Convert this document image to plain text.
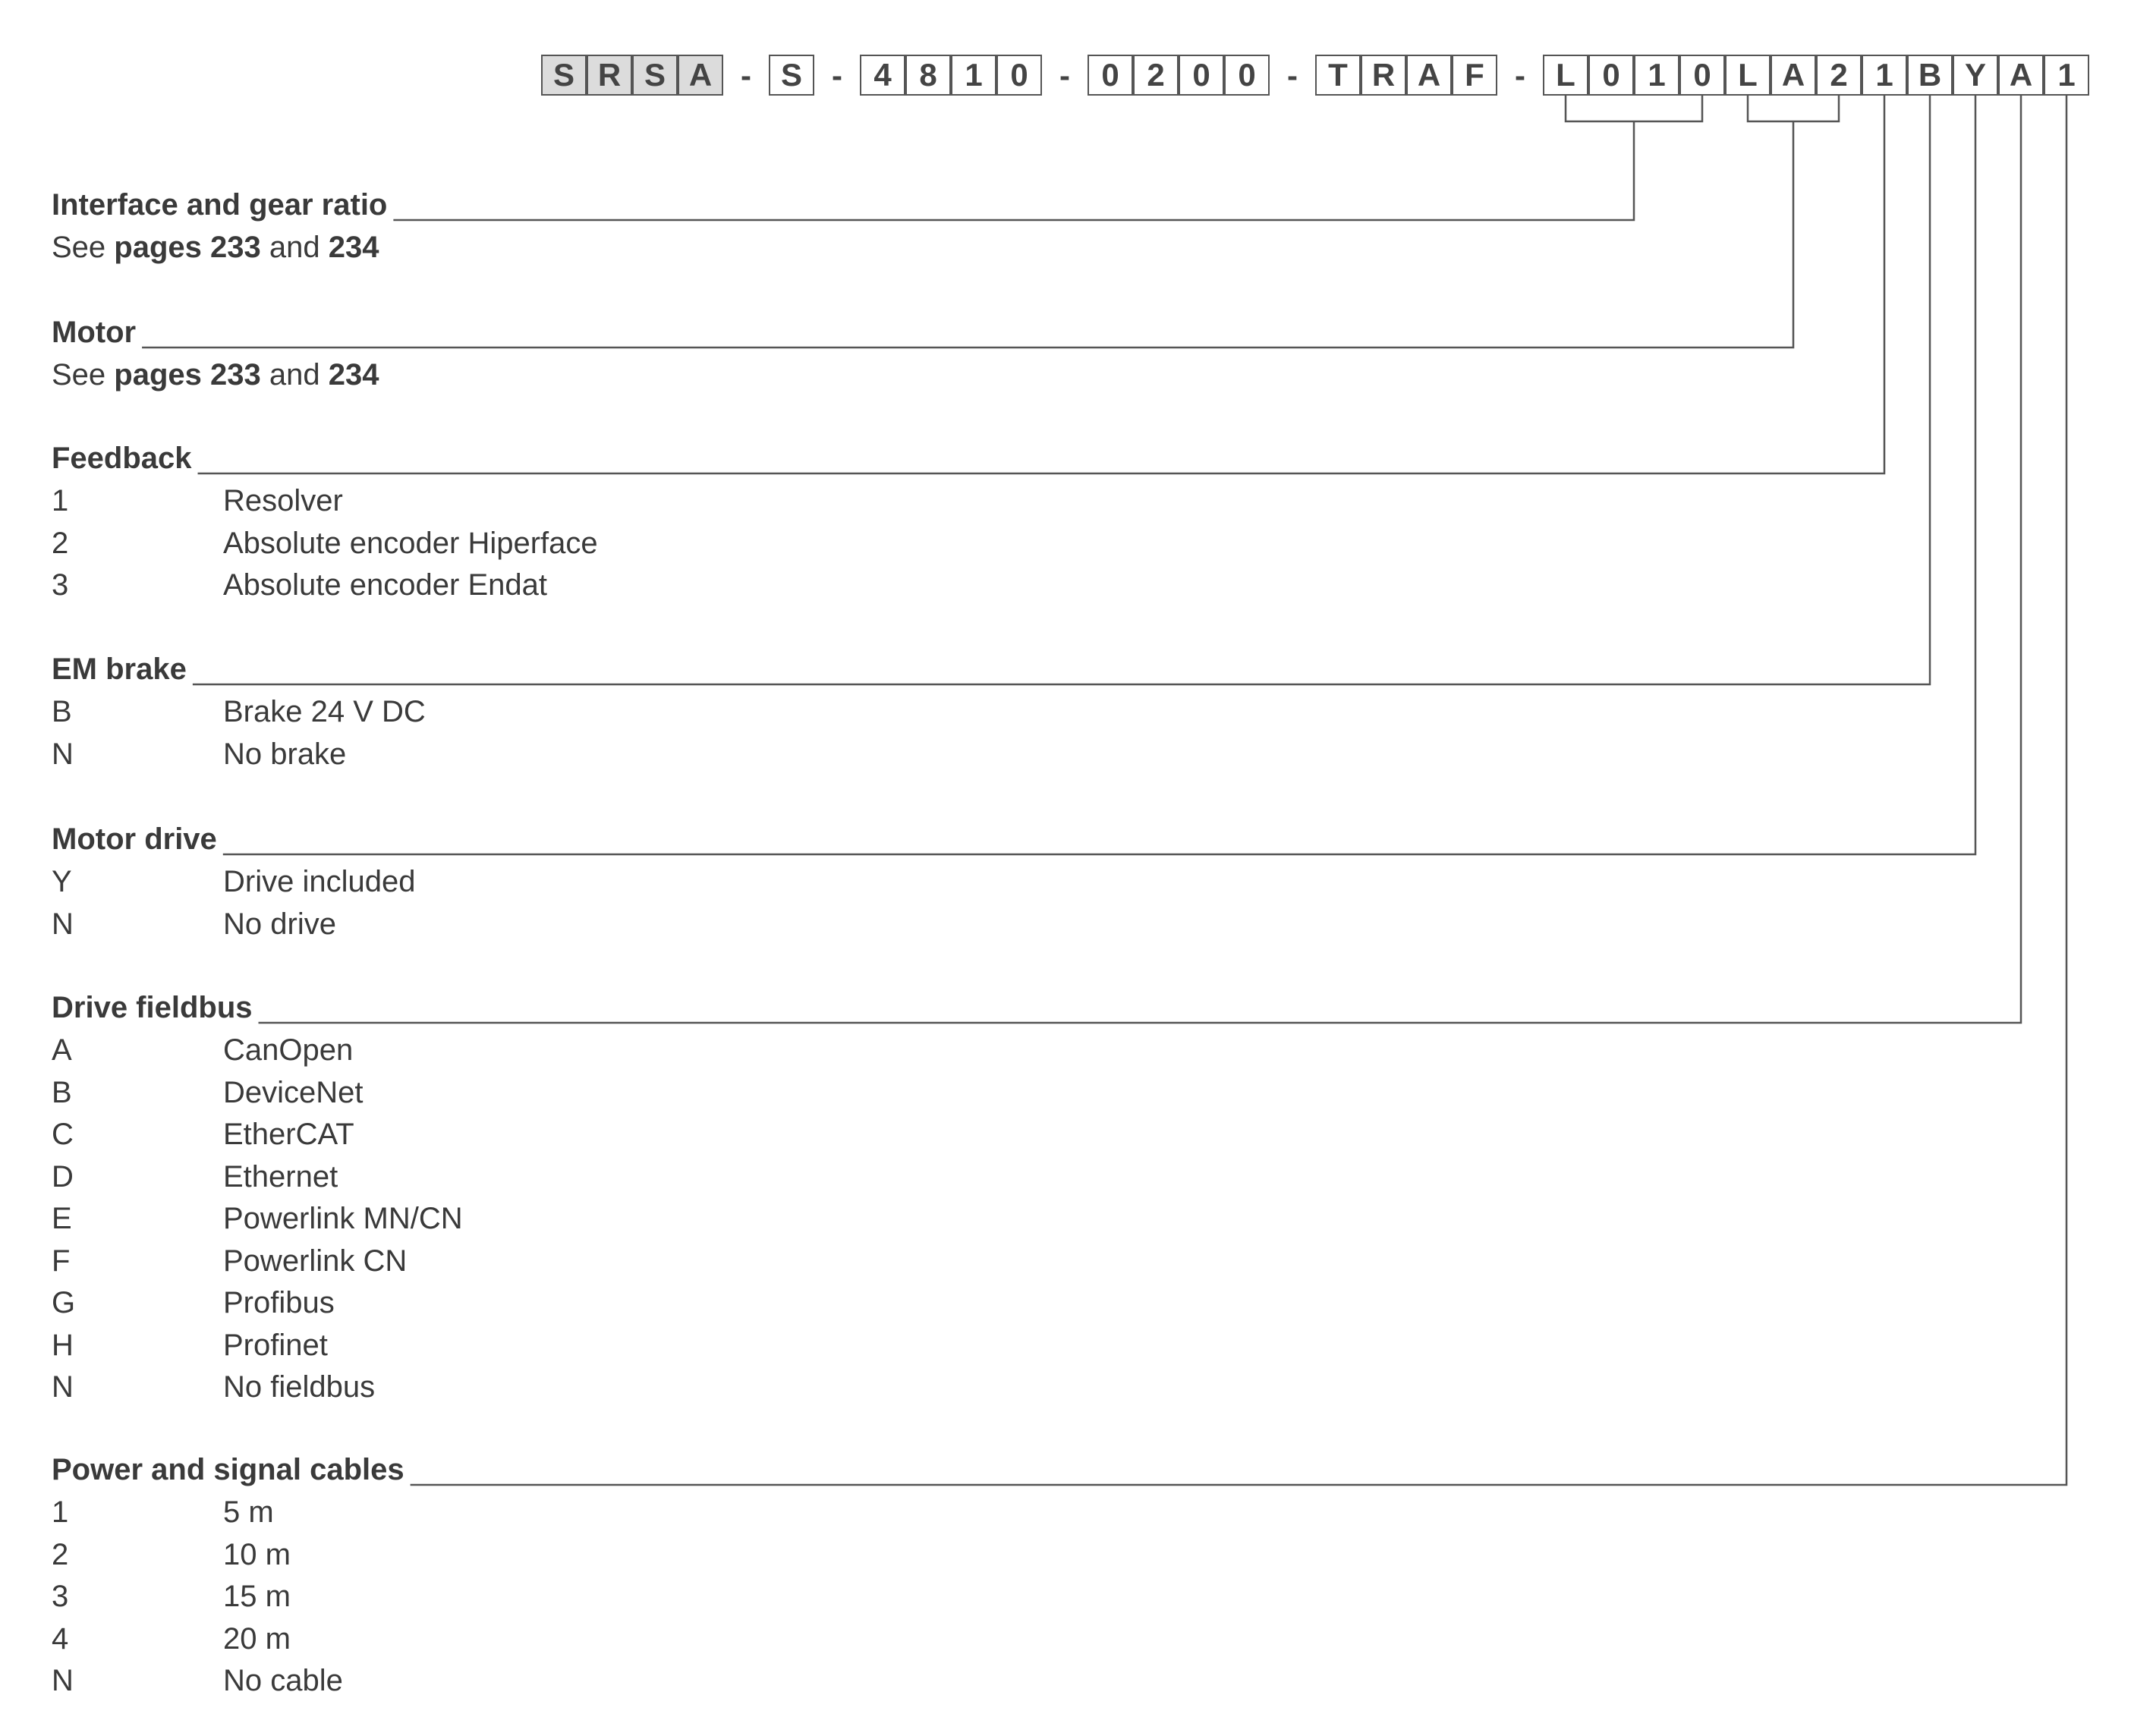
S R S A - S - 4 8 1 0 - 0 2 0 0 - T R A F - L 0 1 0 L A 2 1 B Y A 1
Interface and gear ratio
See pages 233 and 234
Motor
See pages 233 and 234
Feedback
1	Resolver
2	Absolute encoder Hiperface
3	Absolute encoder Endat
EM brake
B	Brake 24 V DC
N	No brake
Motor drive
Y	Drive included
N	No drive
Drive fieldbus
A	CanOpen
B	DeviceNet
C	EtherCAT
D	Ethernet
E	Powerlink MN/CN
F	Powerlink CN
G	Profibus
H	Profinet
N	No fieldbus
Power and signal cables
1	5 m
2	10 m
3	15 m
4	20 m
N	No cable
